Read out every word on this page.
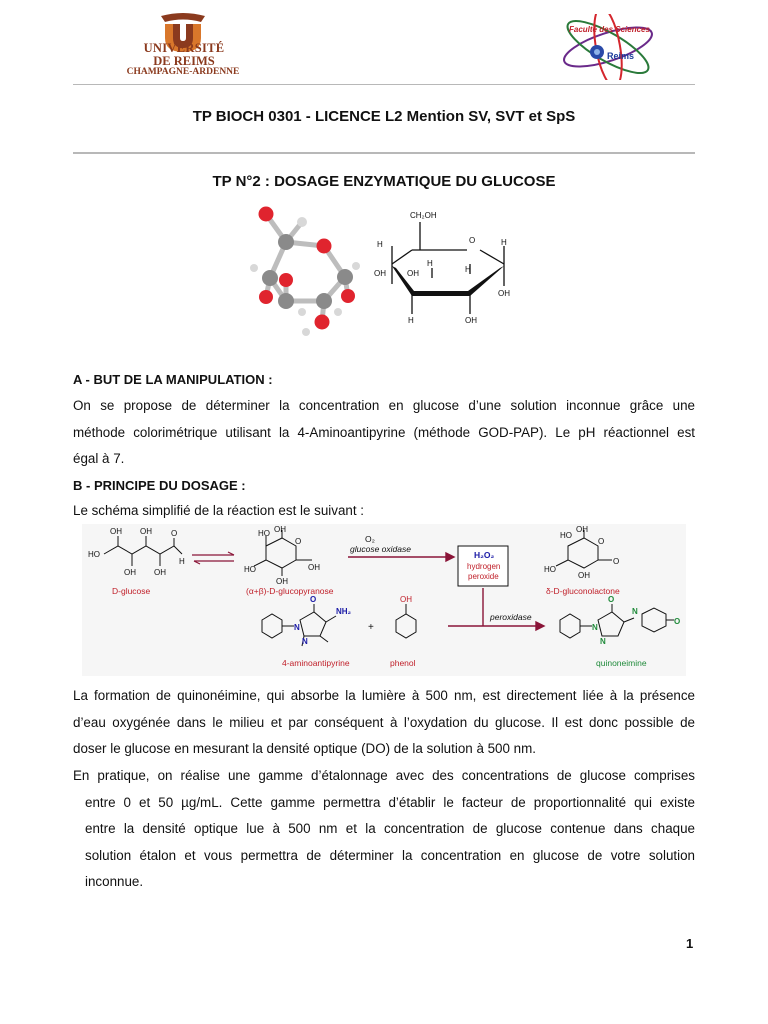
UNIVERSITÉ
DE REIMS
CHAMPAGNE-ARDENNE
Faculté des Sciences
Reims
TP BIOCH 0301 - LICENCE L2 Mention SV, SVT et SpS
TP N°2 : DOSAGE ENZYMATIQUE DU GLUCOSE
CH₂OH
O
H	H
OH	OH	H
OH
H
H	OH
A - BUT DE LA MANIPULATION :
On se propose de déterminer la concentration en glucose d’une solution inconnue grâce une
méthode colorimétrique utilisant la 4-Aminoantipyrine (méthode GOD-PAP). Le pH réactionnel est
égal à 7.
B - PRINCIPE DU DOSAGE :
Le schéma simplifié de la réaction est le suivant :
HO
OH
OH
OH
OH
O
H
D-glucose
OH
HO
O
HO
OH
OH
(α+β)-D-glucopyranose
O₂
glucose oxidase
H₂O₂
hydrogen
peroxide
OH
HO
O
HO
OH
O
δ-D-gluconolactone
peroxidase
O
NH₂
N
N
4-aminoantipyrine
+
OH
phenol
O
N
N
N
O
quinoneimine
La formation de quinonéimine, qui absorbe la lumière à 500 nm, est directement liée à la présence
d’eau oxygénée dans le milieu et par conséquent à l’oxydation du glucose. Il est donc possible de
doser le glucose en mesurant la densité optique (DO) de la solution à 500 nm.
En pratique, on réalise une gamme d’étalonnage avec des concentrations de glucose comprises
entre 0 et 50 µg/mL. Cette gamme permettra d’établir le facteur de proportionnalité qui existe
entre la densité optique lue à 500 nm et la concentration de glucose contenue dans chaque
solution étalon et vous permettra de déterminer la concentration en glucose de votre solution
inconnue.
1
